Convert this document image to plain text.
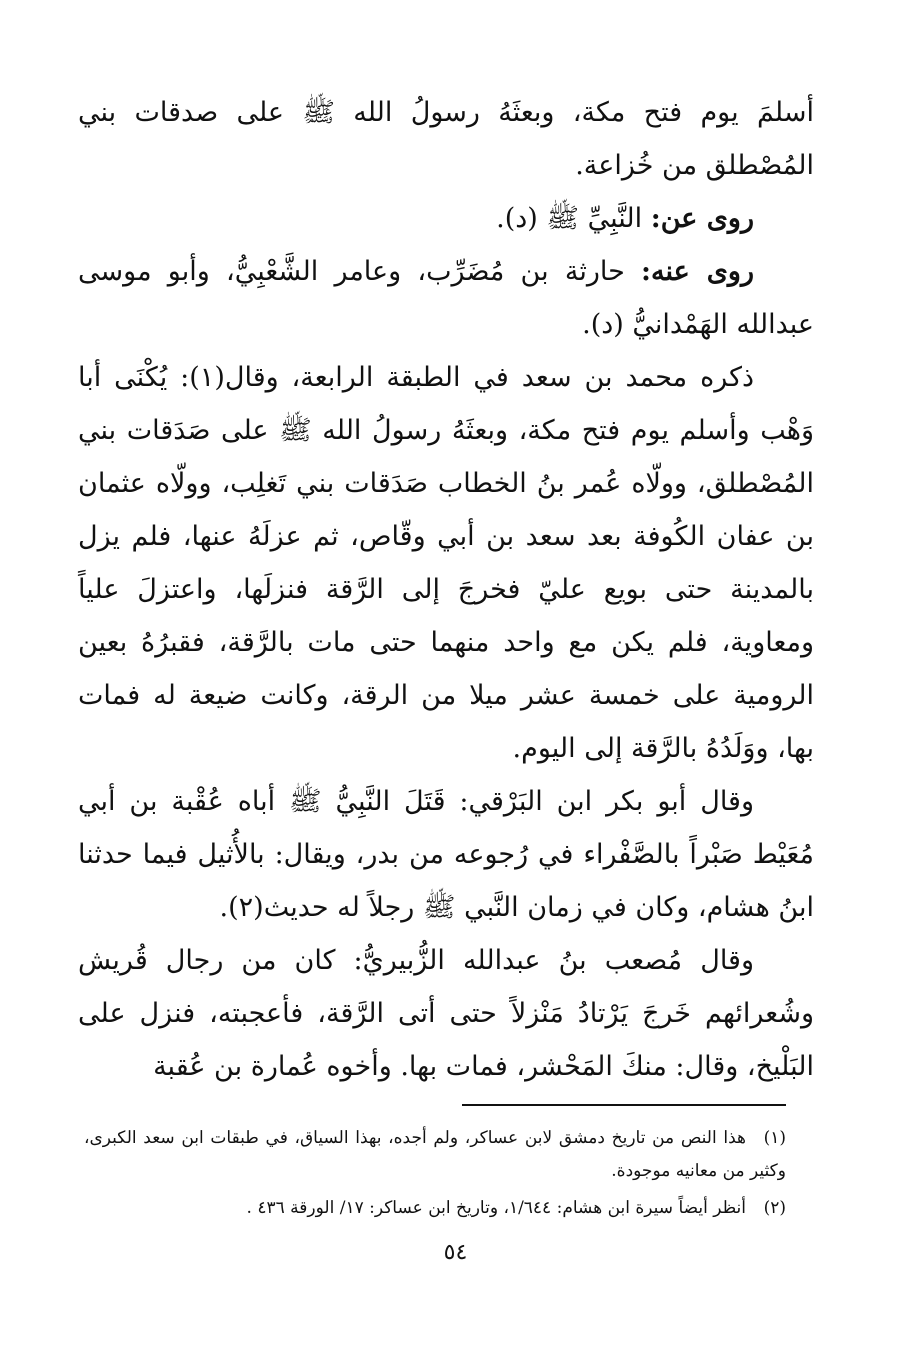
أسلمَ يوم فتح مكة، وبعثَهُ رسولُ الله ﷺ على صدقات بني المُصْطلق من خُزاعة.

روى عن: النَّبِيِّ ﷺ (د).

روى عنه: حارثة بن مُضَرِّب، وعامر الشَّعْبِيُّ، وأبو موسى عبدالله الهَمْدانيُّ (د).

ذكره محمد بن سعد في الطبقة الرابعة، وقال(١): يُكْنَى أبا وَهْب وأسلم يوم فتح مكة، وبعثَهُ رسولُ الله ﷺ على صَدَقات بني المُصْطلق، وولّاه عُمر بنُ الخطاب صَدَقات بني تَغلِب، وولّاه عثمان بن عفان الكُوفة بعد سعد بن أبي وقّاص، ثم عزلَهُ عنها، فلم يزل بالمدينة حتى بويع عليّ فخرجَ إلى الرَّقة فنزلَها، واعتزلَ علياً ومعاوية، فلم يكن مع واحد منهما حتى مات بالرَّقة، فقبرُهُ بعين الرومية على خمسة عشر ميلا من الرقة، وكانت ضيعة له فمات بها، ووَلَدُهُ بالرَّقة إلى اليوم.

وقال أبو بكر ابن البَرْقي: قَتَلَ النَّبِيُّ ﷺ أباه عُقْبة بن أبي مُعَيْط صَبْراً بالصَّفْراء في رُجوعه من بدر، ويقال: بالأُثيل فيما حدثنا ابنُ هشام، وكان في زمان النَّبي ﷺ رجلاً له حديث(٢).

وقال مُصعب بنُ عبدالله الزُّبيريُّ: كان من رجال قُريش وشُعرائهم خَرجَ يَرْتادُ مَنْزلاً حتى أتى الرَّقة، فأعجبته، فنزل على البَلْيخ، وقال: منكَ المَحْشر، فمات بها. وأخوه عُمارة بن عُقبة

(١)هذا النص من تاريخ دمشق لابن عساكر، ولم أجده، بهذا السياق، في طبقات ابن سعد الكبرى، وكثير من معانيه موجودة.

(٢)أنظر أيضاً سيرة ابن هشام: ١/٦٤٤، وتاريخ ابن عساكر: ١٧/ الورقة ٤٣٦ .

٥٤
